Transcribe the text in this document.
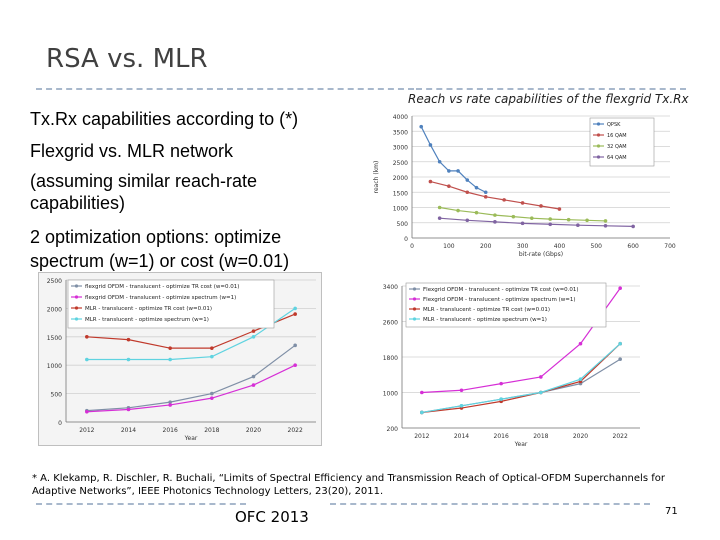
RSA vs. MLR
Tx.Rx capabilities according to (*)
Flexgrid vs. MLR network
(assuming similar reach-rate
capabilities)
2 optimization options: optimize
spectrum (w=1) or cost (w=0.01)
Reach vs rate capabilities of the flexgrid Tx.Rx
0
500
1000
1500
2000
2500
3000
3500
4000
0	100	200	300	400	500	600	700
bit-rate (Gbps)
reach (km)
QPSK
16 QAM
32 QAM
64 QAM
0
500
1000
1500
2000
2500
2012	2014	2016	2018	2020	2022
Year
flexgrid OFDM - translucent - optimize TR cost (w=0.01)
flexgrid OFDM - translucent - optimize spectrum (w=1)
MLR - translucent - optimize TR cost (w=0.01)
MLR - translucent - optimize spectrum (w=1)
200
1000
1800
2600
3400
2012	2014	2016	2018	2020	2022
Year
Flexgrid OFDM - translucent - optimize TR cost (w=0.01)
Flexgrid OFDM - translucent - optimize spectrum (w=1)
MLR - translucent - optimize TR cost (w=0.01)
MLR - translucent - optimize spectrum (w=1)
* A. Klekamp, R. Dischler, R. Buchali, “Limits of Spectral Efficiency and Transmission Reach of Optical-OFDM Superchannels for
Adaptive Networks”, IEEE Photonics Technology Letters, 23(20), 2011.
OFC 2013	71
